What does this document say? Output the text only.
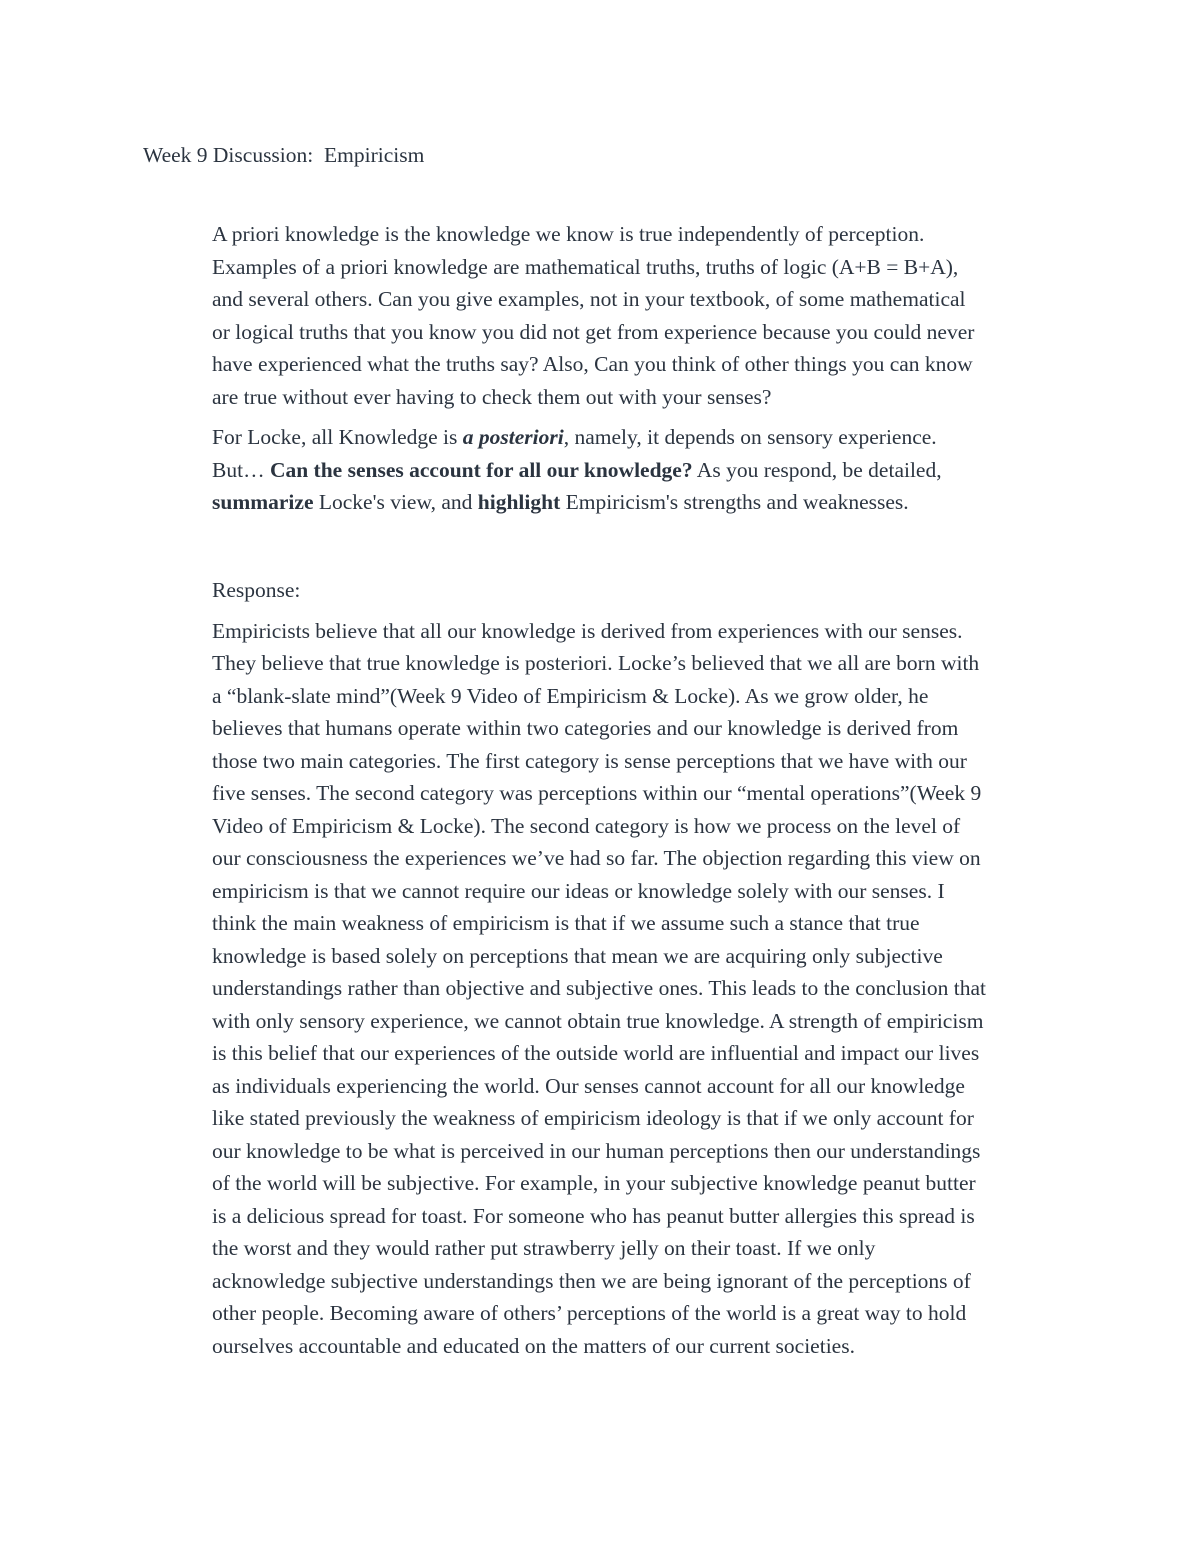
Week 9 Discussion:  Empiricism

A priori knowledge is the knowledge we know is true independently of perception.
Examples of a priori knowledge are mathematical truths, truths of logic (A+B = B+A),
and several others. Can you give examples, not in your textbook, of some mathematical
or logical truths that you know you did not get from experience because you could never
have experienced what the truths say? Also, Can you think of other things you can know
are true without ever having to check them out with your senses?

For Locke, all Knowledge is a posteriori, namely, it depends on sensory experience.
But… Can the senses account for all our knowledge? As you respond, be detailed,
summarize Locke's view, and highlight Empiricism's strengths and weaknesses.

Response:

Empiricists believe that all our knowledge is derived from experiences with our senses.
They believe that true knowledge is posteriori. Locke’s believed that we all are born with
a “blank-slate mind”(Week 9 Video of Empiricism & Locke). As we grow older, he
believes that humans operate within two categories and our knowledge is derived from
those two main categories. The first category is sense perceptions that we have with our
five senses. The second category was perceptions within our “mental operations”(Week 9
Video of Empiricism & Locke). The second category is how we process on the level of
our consciousness the experiences we’ve had so far. The objection regarding this view on
empiricism is that we cannot require our ideas or knowledge solely with our senses. I
think the main weakness of empiricism is that if we assume such a stance that true
knowledge is based solely on perceptions that mean we are acquiring only subjective
understandings rather than objective and subjective ones. This leads to the conclusion that
with only sensory experience, we cannot obtain true knowledge. A strength of empiricism
is this belief that our experiences of the outside world are influential and impact our lives
as individuals experiencing the world. Our senses cannot account for all our knowledge
like stated previously the weakness of empiricism ideology is that if we only account for
our knowledge to be what is perceived in our human perceptions then our understandings
of the world will be subjective. For example, in your subjective knowledge peanut butter
is a delicious spread for toast. For someone who has peanut butter allergies this spread is
the worst and they would rather put strawberry jelly on their toast. If we only
acknowledge subjective understandings then we are being ignorant of the perceptions of
other people. Becoming aware of others’ perceptions of the world is a great way to hold
ourselves accountable and educated on the matters of our current societies.
